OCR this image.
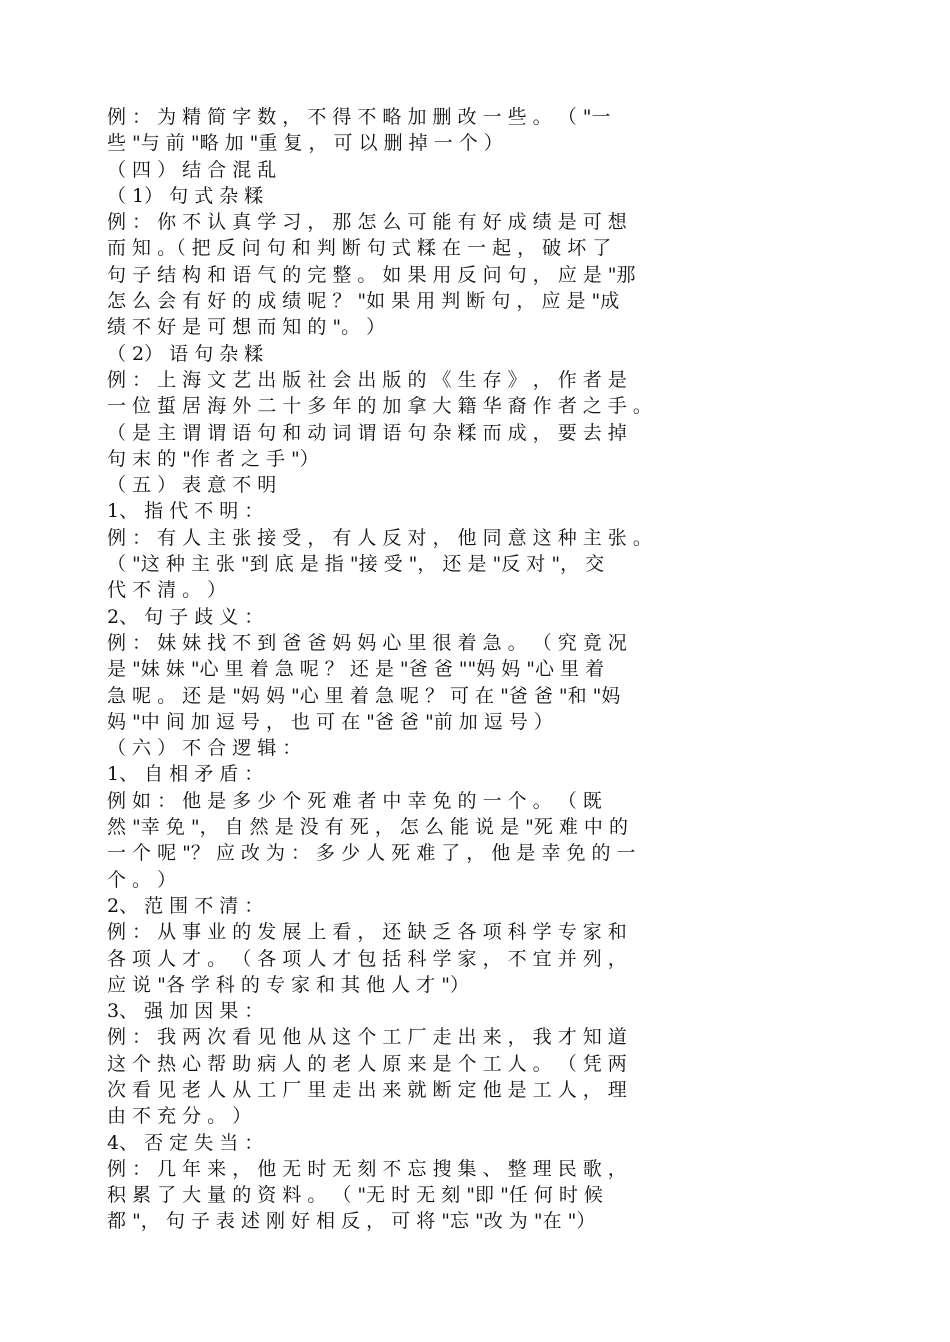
例 ： 为 精 简 字 数 ， 不 得 不 略 加 删 改 一 些 。 （ "一
些 "与 前 "略 加 "重 复 ， 可 以 删 掉 一 个 ）
（ 四 ） 结 合 混 乱
（ 1） 句 式 杂 糅
例 ： 你 不 认 真 学 习 ， 那 怎 么 可 能 有 好 成 绩 是 可 想
而 知 。（ 把 反 问 句 和 判 断 句 式 糅 在 一 起 ， 破 坏 了
句 子 结 构 和 语 气 的 完 整 。 如 果 用 反 问 句 ， 应 是 "那
怎 么 会 有 好 的 成 绩 呢 ？ "如 果 用 判 断 句 ， 应 是 "成
绩 不 好 是 可 想 而 知 的 "。 ）
（ 2） 语 句 杂 糅
例 ： 上 海 文 艺 出 版 社 会 出 版 的 《 生 存 》 ， 作 者 是
一 位 蜇 居 海 外 二 十 多 年 的 加 拿 大 籍 华 裔 作 者 之 手 。
（ 是 主 谓 谓 语 句 和 动 词 谓 语 句 杂 糅 而 成 ， 要 去 掉
句 末 的 "作 者 之 手 "）
（ 五 ） 表 意 不 明
1、 指 代 不 明 ：
例 ： 有 人 主 张 接 受 ， 有 人 反 对 ， 他 同 意 这 种 主 张 。
（ "这 种 主 张 "到 底 是 指 "接 受 "， 还 是 "反 对 "， 交
代 不 清 。 ）
2、 句 子 歧 义 ：
例 ： 妹 妹 找 不 到 爸 爸 妈 妈 心 里 很 着 急 。 （ 究 竟 况
是 "妹 妹 "心 里 着 急 呢 ？ 还 是 "爸 爸 ""妈 妈 "心 里 着
急 呢 。 还 是 "妈 妈 "心 里 着 急 呢 ？ 可 在 "爸 爸 "和 "妈
妈 "中 间 加 逗 号 ， 也 可 在 "爸 爸 "前 加 逗 号 ）
（ 六 ） 不 合 逻 辑 ：
1、 自 相 矛 盾 ：
例 如 ： 他 是 多 少 个 死 难 者 中 幸 免 的 一 个 。 （ 既
然 "幸 免 "， 自 然 是 没 有 死 ， 怎 么 能 说 是 "死 难 中 的
一 个 呢 "？ 应 改 为 ： 多 少 人 死 难 了 ， 他 是 幸 免 的 一
个 。 ）
2、 范 围 不 清 ：
例 ： 从 事 业 的 发 展 上 看 ， 还 缺 乏 各 项 科 学 专 家 和
各 项 人 才 。 （ 各 项 人 才 包 括 科 学 家 ， 不 宜 并 列 ，
应 说 "各 学 科 的 专 家 和 其 他 人 才 "）
3、 强 加 因 果 ：
例 ： 我 两 次 看 见 他 从 这 个 工 厂 走 出 来 ， 我 才 知 道
这 个 热 心 帮 助 病 人 的 老 人 原 来 是 个 工 人 。 （ 凭 两
次 看 见 老 人 从 工 厂 里 走 出 来 就 断 定 他 是 工 人 ， 理
由 不 充 分 。 ）
4、 否 定 失 当 ：
例 ： 几 年 来 ， 他 无 时 无 刻 不 忘 搜 集 、 整 理 民 歌 ，
积 累 了 大 量 的 资 料 。 （ "无 时 无 刻 "即 "任 何 时 候
都 "， 句 子 表 述 刚 好 相 反 ， 可 将 "忘 "改 为 "在 "）
